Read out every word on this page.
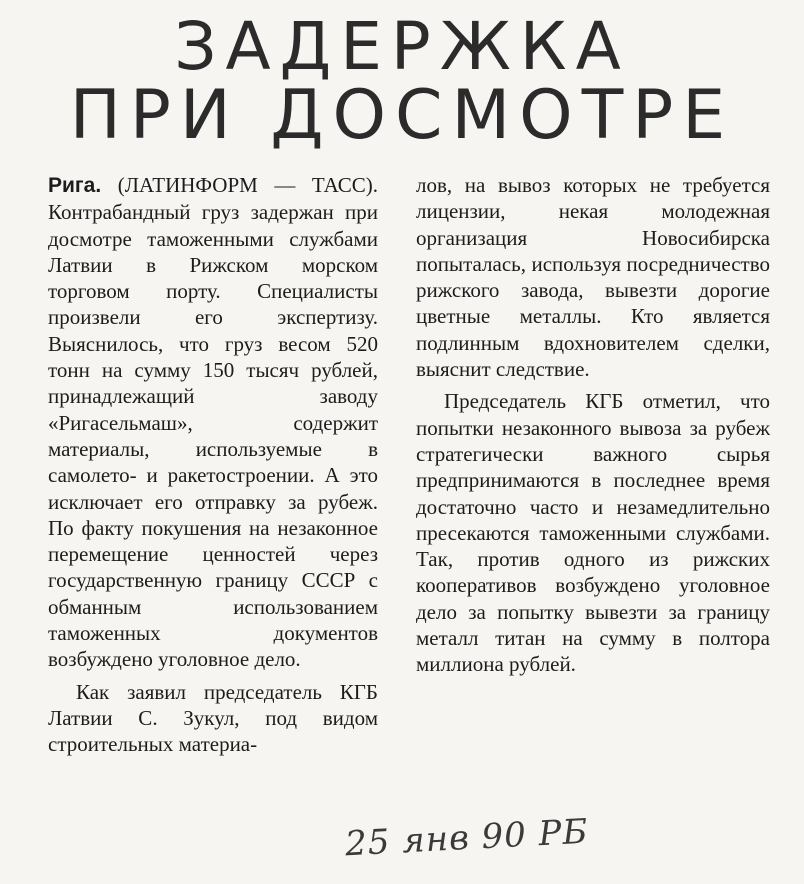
ЗАДЕРЖКА
ПРИ ДОСМОТРЕ

Рига. (ЛАТИНФОРМ — ТАСС). Контрабандный груз задержан при досмотре таможенными службами Латвии в Рижском морском торговом порту. Специалисты произвели его экспертизу. Выяснилось, что груз весом 520 тонн на сумму 150 тысяч рублей, принадлежащий заводу «Ригасельмаш», содержит материалы, используемые в самолето- и ракетостроении. А это исключает его отправку за рубеж. По факту покушения на незаконное перемещение ценностей через государственную границу СССР с обманным использованием таможенных документов возбуждено уголовное дело.

Как заявил председатель КГБ Латвии С. Зукул, под видом строительных материа-

лов, на вывоз которых не требуется лицензии, некая молодежная организация Новосибирска попыталась, используя посредничество рижского завода, вывезти дорогие цветные металлы. Кто является подлинным вдохновителем сделки, выяснит следствие.

Председатель КГБ отметил, что попытки незаконного вывоза за рубеж стратегически важного сырья предпринимаются в последнее время достаточно часто и незамедлительно пресекаются таможенными службами. Так, против одного из рижских кооперативов возбуждено уголовное дело за попытку вывезти за границу металл титан на сумму в полтора миллиона рублей.

25 янв 90 РБ
